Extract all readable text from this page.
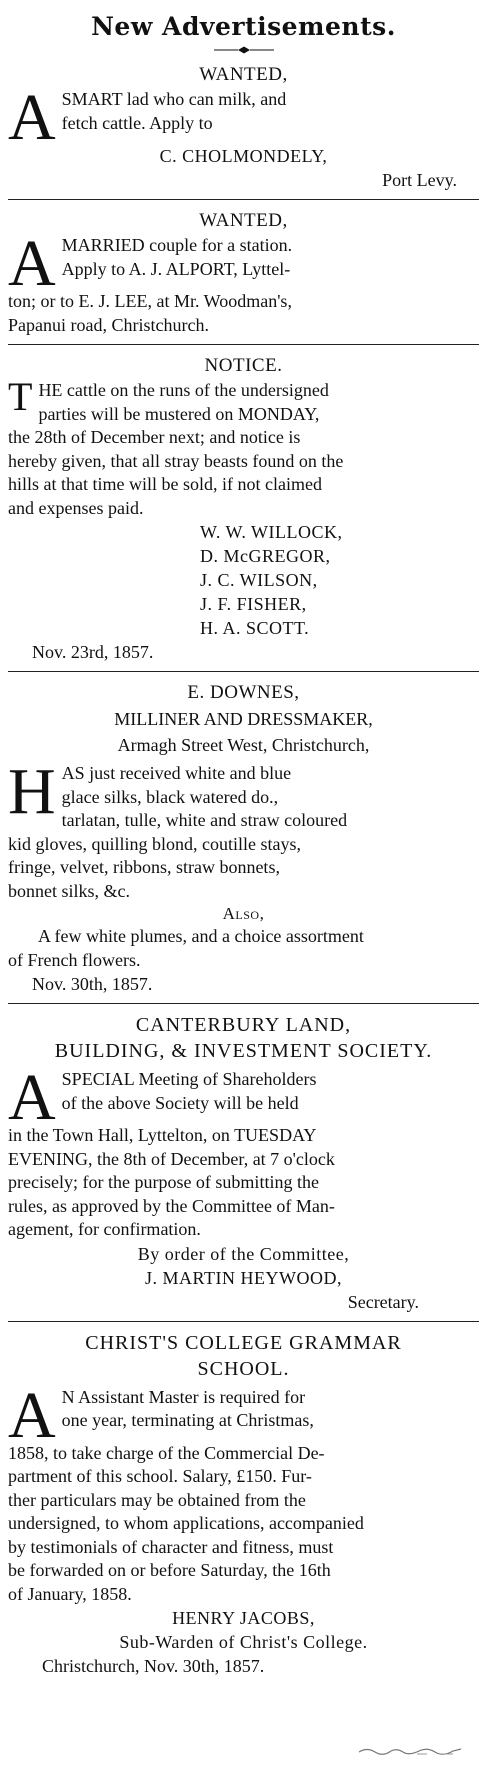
New Advertisements.
WANTED,
A SMART lad who can milk, and
fetch cattle. Apply to
C. CHOLMONDELY,
Port Levy.
WANTED,
A MARRIED couple for a station.
Apply to A. J. ALPORT, Lyttel-
ton; or to E. J. LEE, at Mr. Woodman's,
Papanui road, Christchurch.
NOTICE.
T HE cattle on the runs of the undersigned
parties will be mustered on MONDAY,
the 28th of December next; and notice is
hereby given, that all stray beasts found on the
hills at that time will be sold, if not claimed
and expenses paid.
W. W. WILLOCK,
D. McGREGOR,
J. C. WILSON,
J. F. FISHER,
H. A. SCOTT.
Nov. 23rd, 1857.
E. DOWNES,
MILLINER AND DRESSMAKER,
Armagh Street West, Christchurch,
H AS just received white and blue
glace silks, black watered do.,
tarlatan, tulle, white and straw coloured
kid gloves, quilling blond, coutille stays,
fringe, velvet, ribbons, straw bonnets,
bonnet silks, &c.
Also,
A few white plumes, and a choice assortment
of French flowers.
Nov. 30th, 1857.
CANTERBURY LAND,
BUILDING, & INVESTMENT SOCIETY.
A SPECIAL Meeting of Shareholders
of the above Society will be held
in the Town Hall, Lyttelton, on TUESDAY
EVENING, the 8th of December, at 7 o'clock
precisely; for the purpose of submitting the
rules, as approved by the Committee of Man-
agement, for confirmation.
By order of the Committee,
J. MARTIN HEYWOOD,
Secretary.
CHRIST'S COLLEGE GRAMMAR
SCHOOL.
A N Assistant Master is required for
one year, terminating at Christmas,
1858, to take charge of the Commercial De-
partment of this school. Salary, £150. Fur-
ther particulars may be obtained from the
undersigned, to whom applications, accompanied
by testimonials of character and fitness, must
be forwarded on or before Saturday, the 16th
of January, 1858.
HENRY JACOBS,
Sub-Warden of Christ's College.
Christchurch, Nov. 30th, 1857.
